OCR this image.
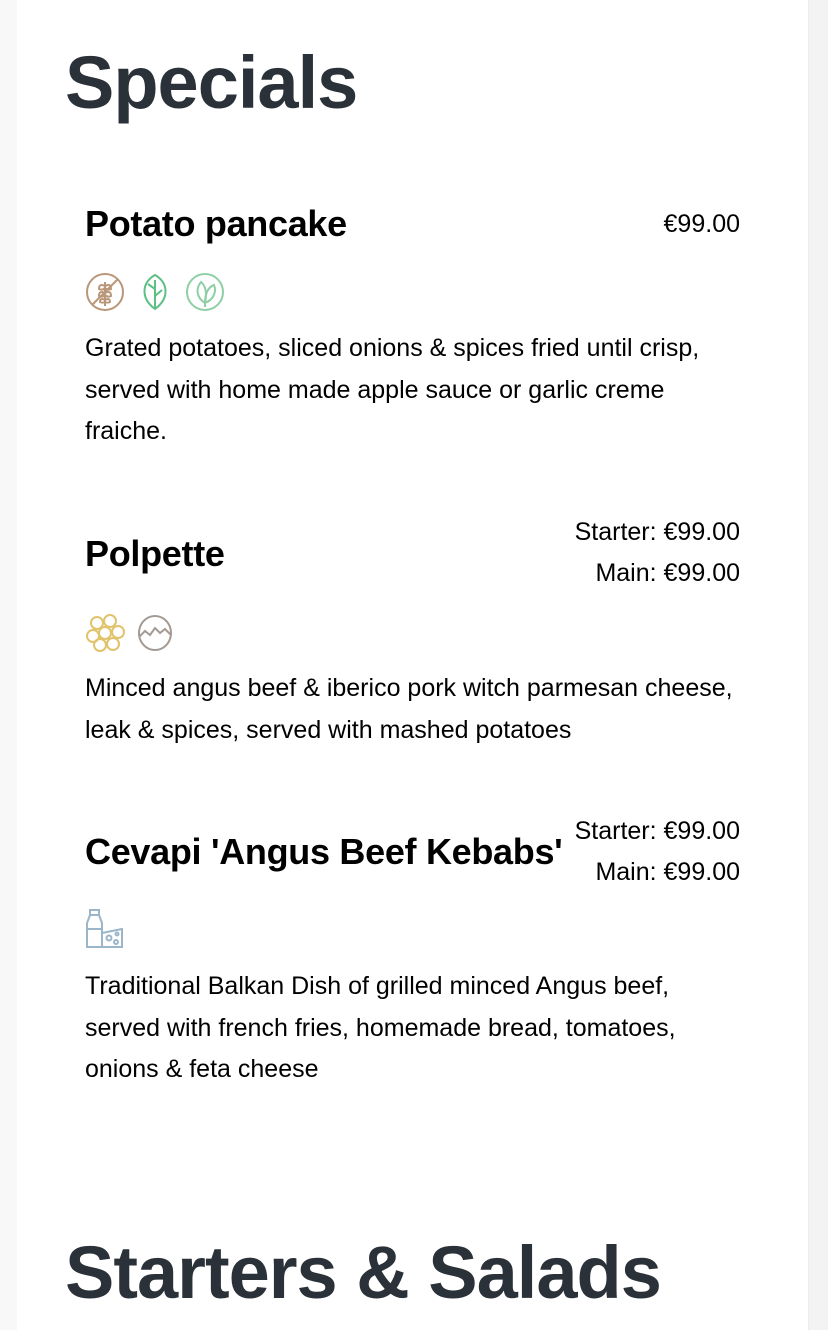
Specials
Potato pancake	€99.00

Grated potatoes, sliced onions & spices fried until crisp, served with home made apple sauce or garlic creme fraiche.

Polpette
Starter: €99.00
Main: €99.00

Minced angus beef & iberico pork witch parmesan cheese, leak & spices, served with mashed potatoes

Cevapi 'Angus Beef Kebabs' Starter: €99.00
Main: €99.00

Traditional Balkan Dish of grilled minced Angus beef, served with french fries, homemade bread, tomatoes, onions & feta cheese

Starters & Salads
